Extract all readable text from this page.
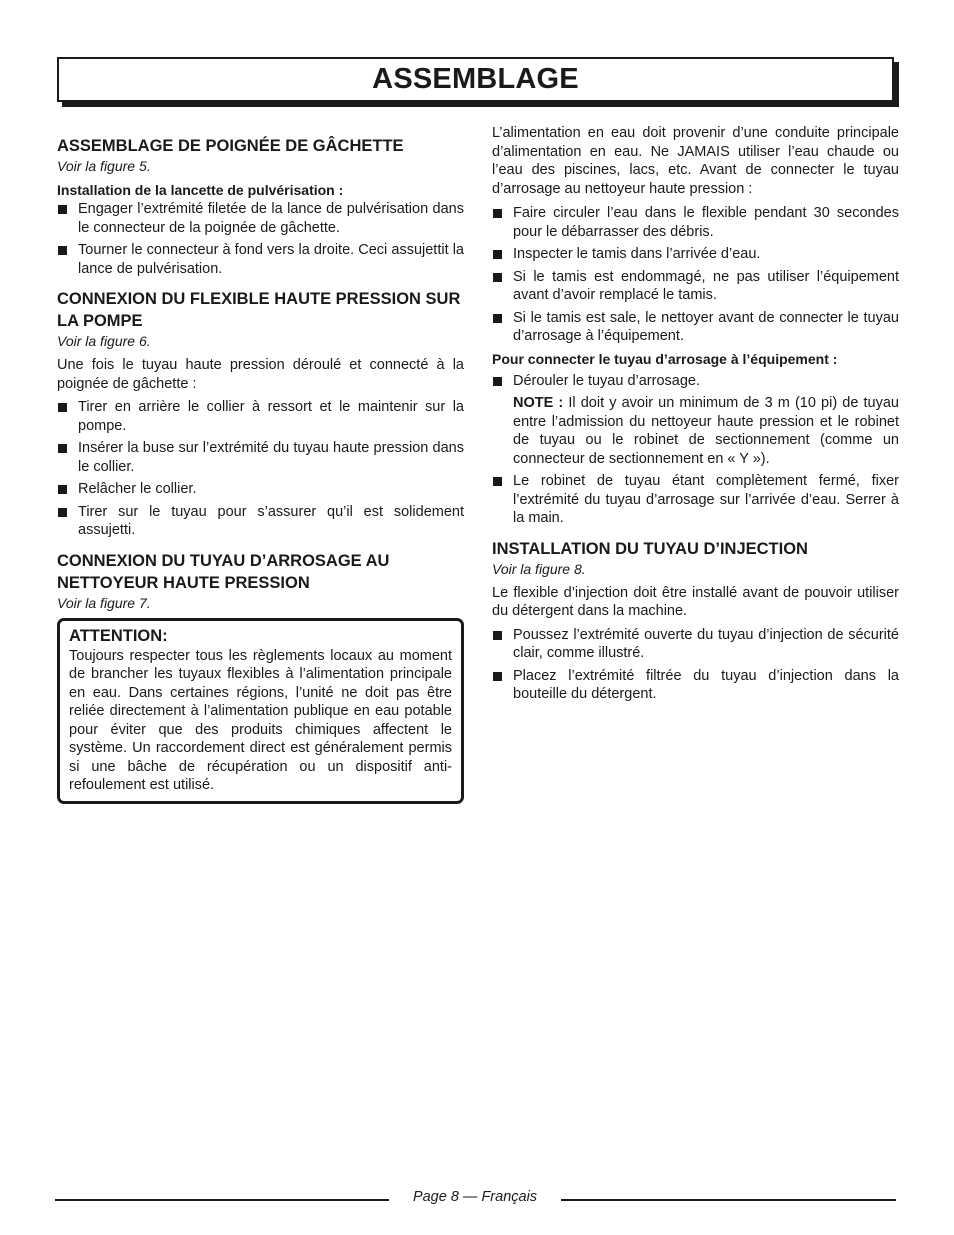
ASSEMBLAGE
ASSEMBLAGE DE POIGNÉE DE GÂCHETTE
Voir la figure 5.
Installation de la lancette de pulvérisation :
Engager l’extrémité filetée de la lance de pulvérisation dans le connecteur de la poignée de gâchette.
Tourner le connecteur à fond vers la droite. Ceci assujettit la lance de pulvérisation.
CONNEXION DU FLEXIBLE HAUTE PRESSION SUR LA POMPE
Voir la figure 6.

Une fois le tuyau haute pression déroulé et connecté à la poignée de gâchette :

Tirer en arrière le collier à ressort et le maintenir sur la pompe.
Insérer la buse sur l’extrémité du tuyau haute pression dans le collier.
Relâcher le collier.
Tirer sur le tuyau pour s’assurer qu’il est solidement assujetti.
CONNEXION DU TUYAU D’ARROSAGE AU NETTOYEUR HAUTE PRESSION
Voir la figure 7.
ATTENTION:

Toujours respecter tous les règlements locaux au moment de brancher les tuyaux flexibles à l’alimentation principale en eau. Dans certaines régions, l’unité ne doit pas être reliée directement à l’alimentation publique en eau potable pour éviter que des produits chimiques affectent le système. Un raccordement direct est généralement permis si une bâche de récupération ou un dispositif anti-refoulement est utilisé.

L’alimentation en eau doit provenir d’une conduite principale d’alimentation en eau. Ne JAMAIS utiliser l’eau chaude ou l’eau des piscines, lacs, etc. Avant de connecter le tuyau d’arrosage au nettoyeur haute pression :

Faire circuler l’eau dans le flexible pendant 30 secondes pour le débarrasser des débris.
Inspecter le tamis dans l’arrivée d’eau.
Si le tamis est endommagé, ne pas utiliser l’équipement avant d’avoir remplacé le tamis.
Si le tamis est sale, le nettoyer avant de connecter le tuyau d’arrosage à l’équipement.
Pour connecter le tuyau d’arrosage à l’équipement :
Dérouler le tuyau d’arrosage.
NOTE : Il doit y avoir un minimum de 3 m (10 pi) de tuyau entre l’admission du nettoyeur haute pression et le robinet de tuyau ou le robinet de sectionnement (comme un connecteur de sectionnement en « Y »).
Le robinet de tuyau étant complètement fermé, fixer l’extrémité du tuyau d’arrosage sur l’arrivée d’eau. Serrer à la main.
INSTALLATION DU TUYAU D’INJECTION
Voir la figure 8.

Le flexible d’injection doit être installé avant de pouvoir utiliser du détergent dans la machine.

Poussez l’extrémité ouverte du tuyau d’injection de sécurité clair, comme illustré.
Placez l’extrémité filtrée du tuyau d’injection dans la bouteille du détergent.
Page 8 — Français
